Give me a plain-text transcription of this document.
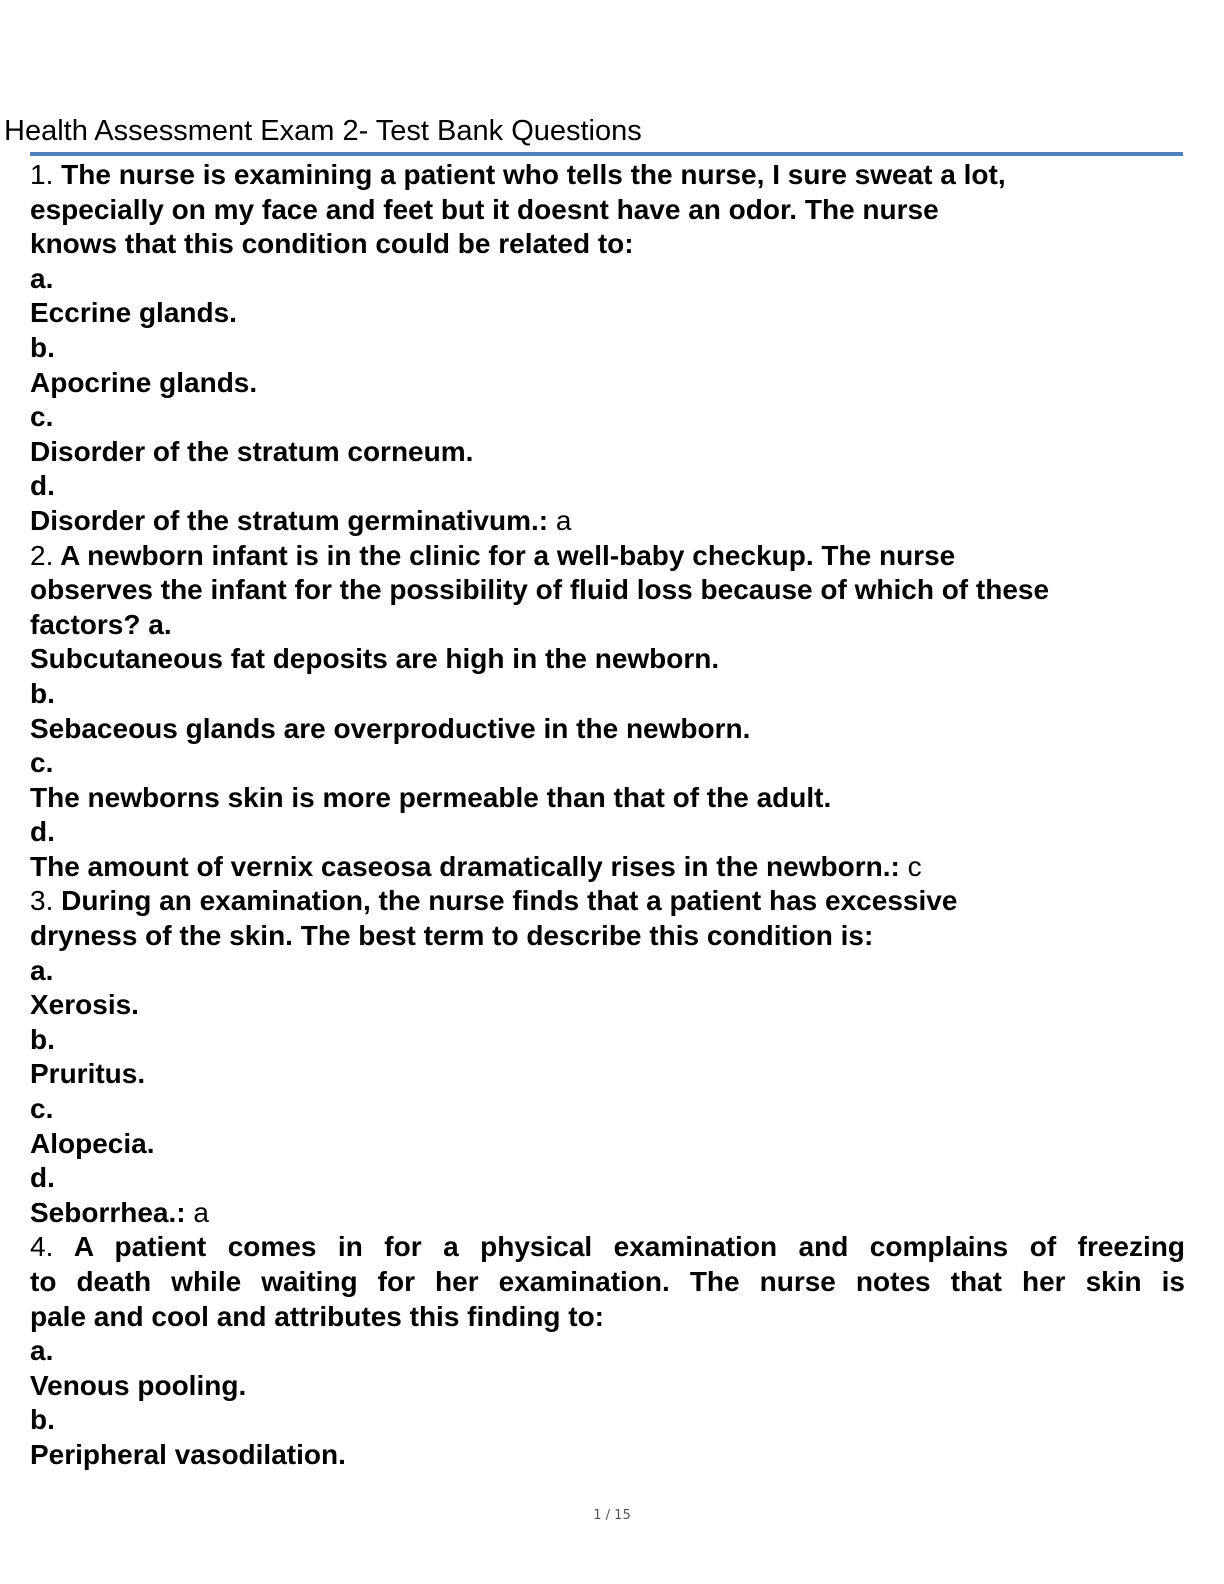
Health Assessment Exam 2- Test Bank Questions
1. The nurse is examining a patient who tells the nurse, I sure sweat a lot,
especially on my face and feet but it doesnt have an odor. The nurse
knows that this condition could be related to:
a.
Eccrine glands.
b.
Apocrine glands.
c.
Disorder of the stratum corneum.
d.
Disorder of the stratum germinativum.: a
2. A newborn infant is in the clinic for a well-baby checkup. The nurse
observes the infant for the possibility of fluid loss because of which of these
factors? a.
Subcutaneous fat deposits are high in the newborn.
b.
Sebaceous glands are overproductive in the newborn.
c.
The newborns skin is more permeable than that of the adult.
d.
The amount of vernix caseosa dramatically rises in the newborn.: c
3. During an examination, the nurse finds that a patient has excessive
dryness of the skin. The best term to describe this condition is:
a.
Xerosis.
b.
Pruritus.
c.
Alopecia.
d.
Seborrhea.: a
4. A patient comes in for a physical examination and complains of freezing
to death while waiting for her examination. The nurse notes that her skin is
pale and cool and attributes this finding to:
a.
Venous pooling.
b.
Peripheral vasodilation.
1 / 15
